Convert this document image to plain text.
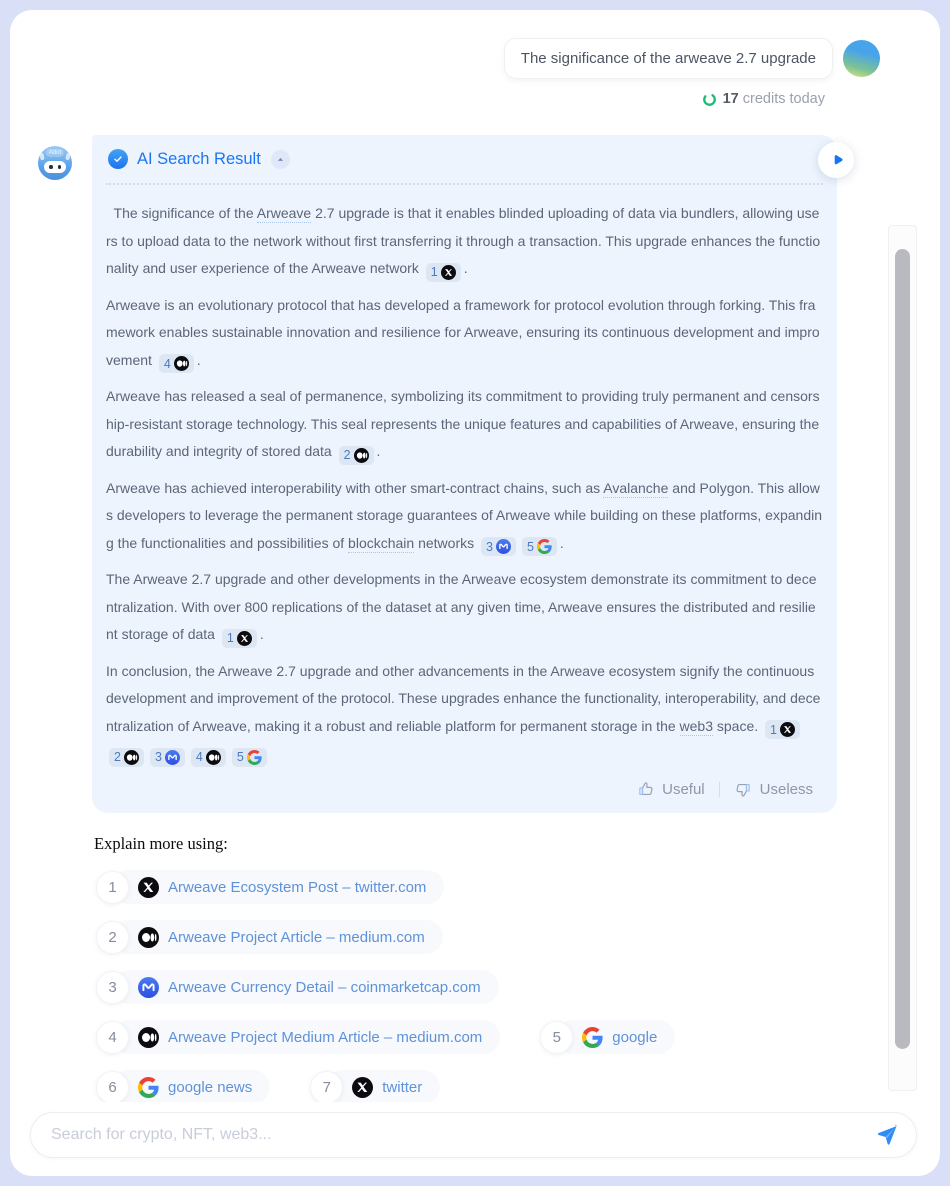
The significance of the arweave 2.7 upgrade
17 credits today
Adot	AI Search Result
The significance of the Arweave 2.7 upgrade is that it enables blinded uploading of data via bundlers, allowing users to upload data to the network without first transferring it through a transaction. This upgrade enhances the functionality and user experience of the Arweave network 1 .
Arweave is an evolutionary protocol that has developed a framework for protocol evolution through forking. This framework enables sustainable innovation and resilience for Arweave, ensuring its continuous development and improvement 4 .
Arweave has released a seal of permanence, symbolizing its commitment to providing truly permanent and censorship-resistant storage technology. This seal represents the unique features and capabilities of Arweave, ensuring the durability and integrity of stored data 2 .
Arweave has achieved interoperability with other smart-contract chains, such as Avalanche and Polygon. This allows developers to leverage the permanent storage guarantees of Arweave while building on these platforms, expanding the functionalities and possibilities of blockchain networks 3	5 .
The Arweave 2.7 upgrade and other developments in the Arweave ecosystem demonstrate its commitment to decentralization. With over 800 replications of the dataset at any given time, Arweave ensures the distributed and resilient storage of data 1 .
In conclusion, the Arweave 2.7 upgrade and other advancements in the Arweave ecosystem signify the continuous development and improvement of the protocol. These upgrades enhance the functionality, interoperability, and decentralization of Arweave, making it a robust and reliable platform for permanent storage in the web3 space. 1
2	3	4	5
Useful	Useless
Explain more using:
1	Arweave Ecosystem Post – twitter.com
2	Arweave Project Article – medium.com
3	Arweave Currency Detail – coinmarketcap.com
4	Arweave Project Medium Article – medium.com	5	google
6	google news	7	twitter
Search for crypto, NFT, web3...
